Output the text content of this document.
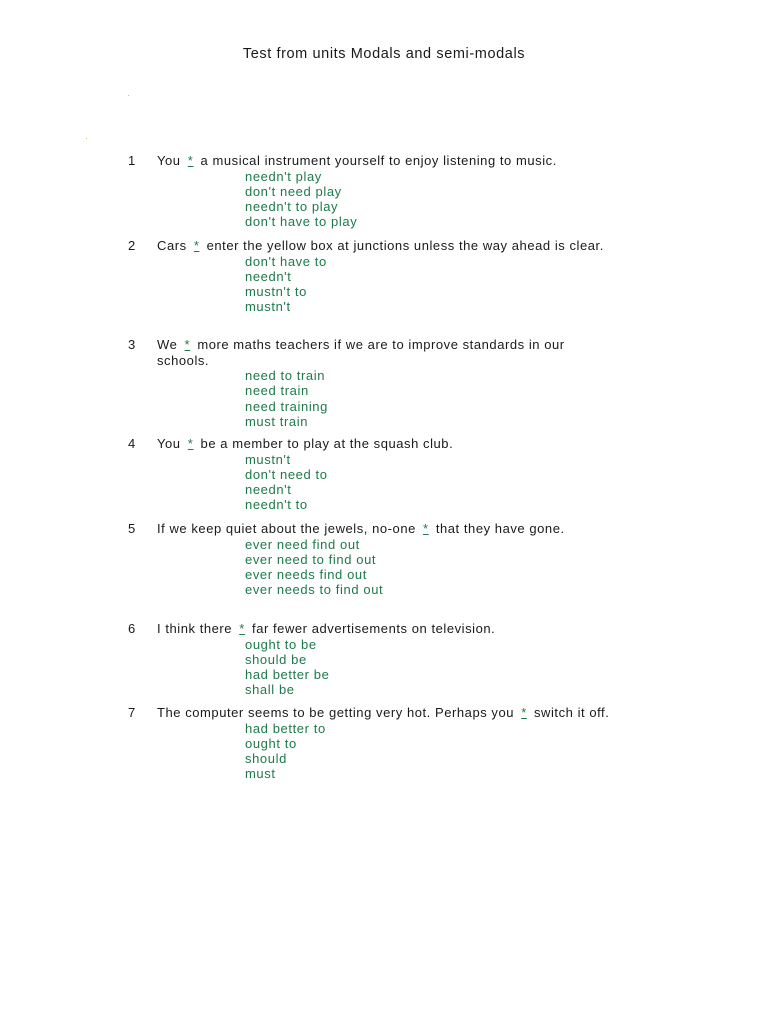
Test from units Modals and semi-modals
1 You * a musical instrument yourself to enjoy listening to music.
needn't play
don't need play
needn't to play
don't have to play
2 Cars * enter the yellow box at junctions unless the way ahead is clear.
don't have to
needn't
mustn't to
mustn't
3 We * more maths teachers if we are to improve standards in our schools.
need to train
need train
need training
must train
4 You * be a member to play at the squash club.
mustn't
don't need to
needn't
needn't to
5 If we keep quiet about the jewels, no-one * that they have gone.
ever need find out
ever need to find out
ever needs find out
ever needs to find out
6 I think there * far fewer advertisements on television.
ought to be
should be
had better be
shall be
7 The computer seems to be getting very hot. Perhaps you * switch it off.
had better to
ought to
should
must
